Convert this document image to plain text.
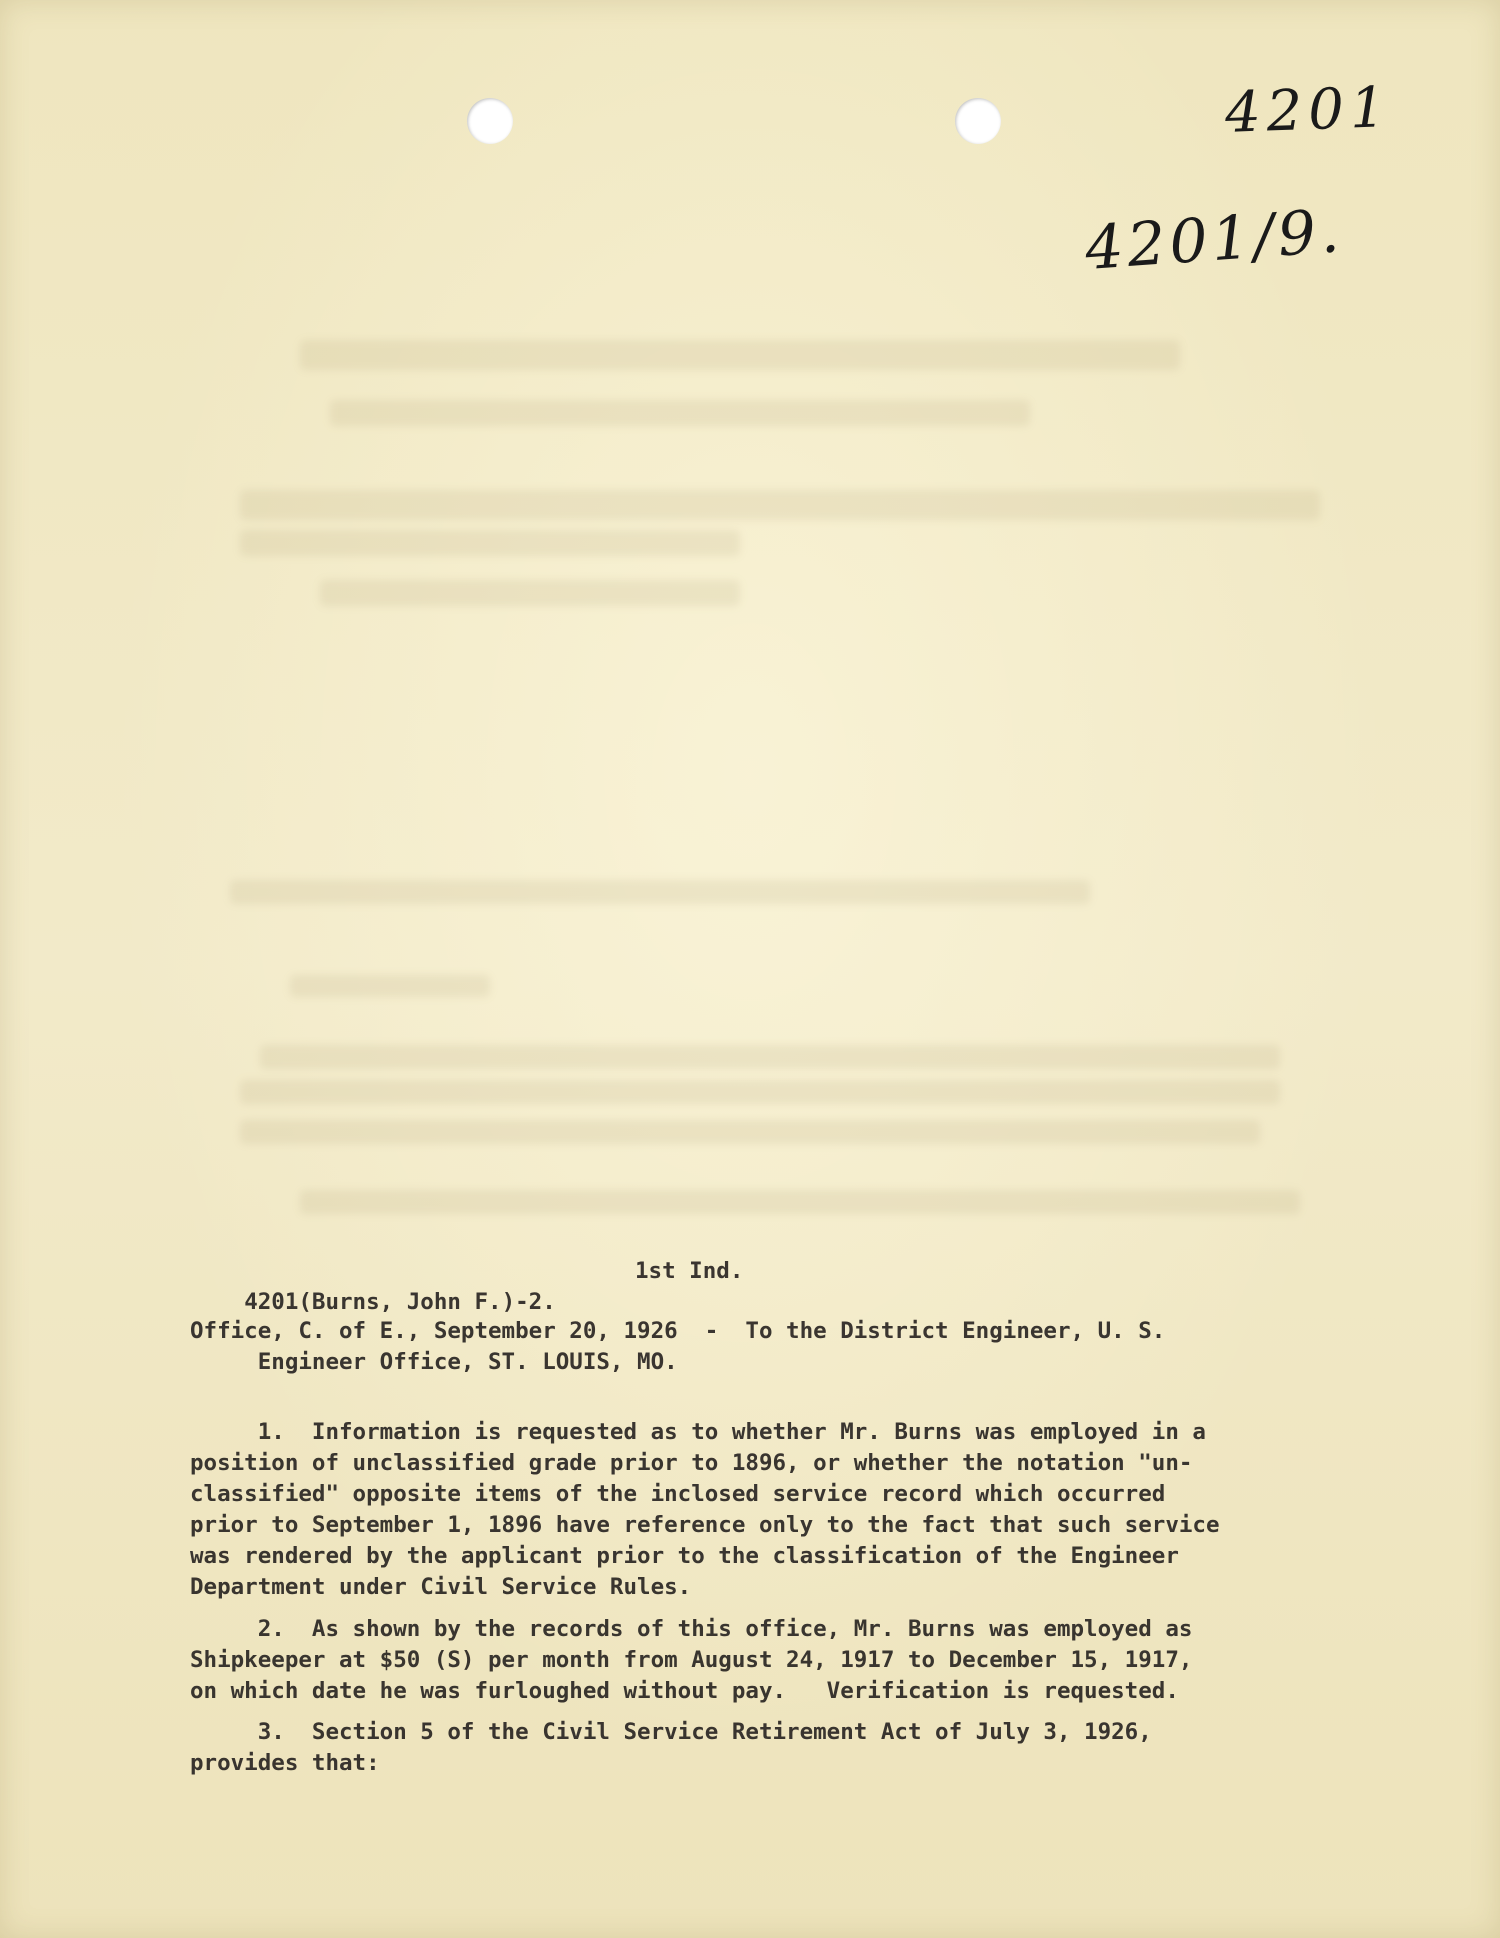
4201
4201/9.

4201(Burns, John F.)-2.

1st Ind.

Office, C. of E., September 20, 1926  -  To the District Engineer, U. S.
Engineer Office, ST. LOUIS, MO.
1.  Information is requested as to whether Mr. Burns was employed in a
position of unclassified grade prior to 1896, or whether the notation "un-
classified" opposite items of the inclosed service record which occurred
prior to September 1, 1896 have reference only to the fact that such service
was rendered by the applicant prior to the classification of the Engineer
Department under Civil Service Rules.
2.  As shown by the records of this office, Mr. Burns was employed as
Shipkeeper at $50 (S) per month from August 24, 1917 to December 15, 1917,
on which date he was furloughed without pay.   Verification is requested.
3.  Section 5 of the Civil Service Retirement Act of July 3, 1926,
provides that:
